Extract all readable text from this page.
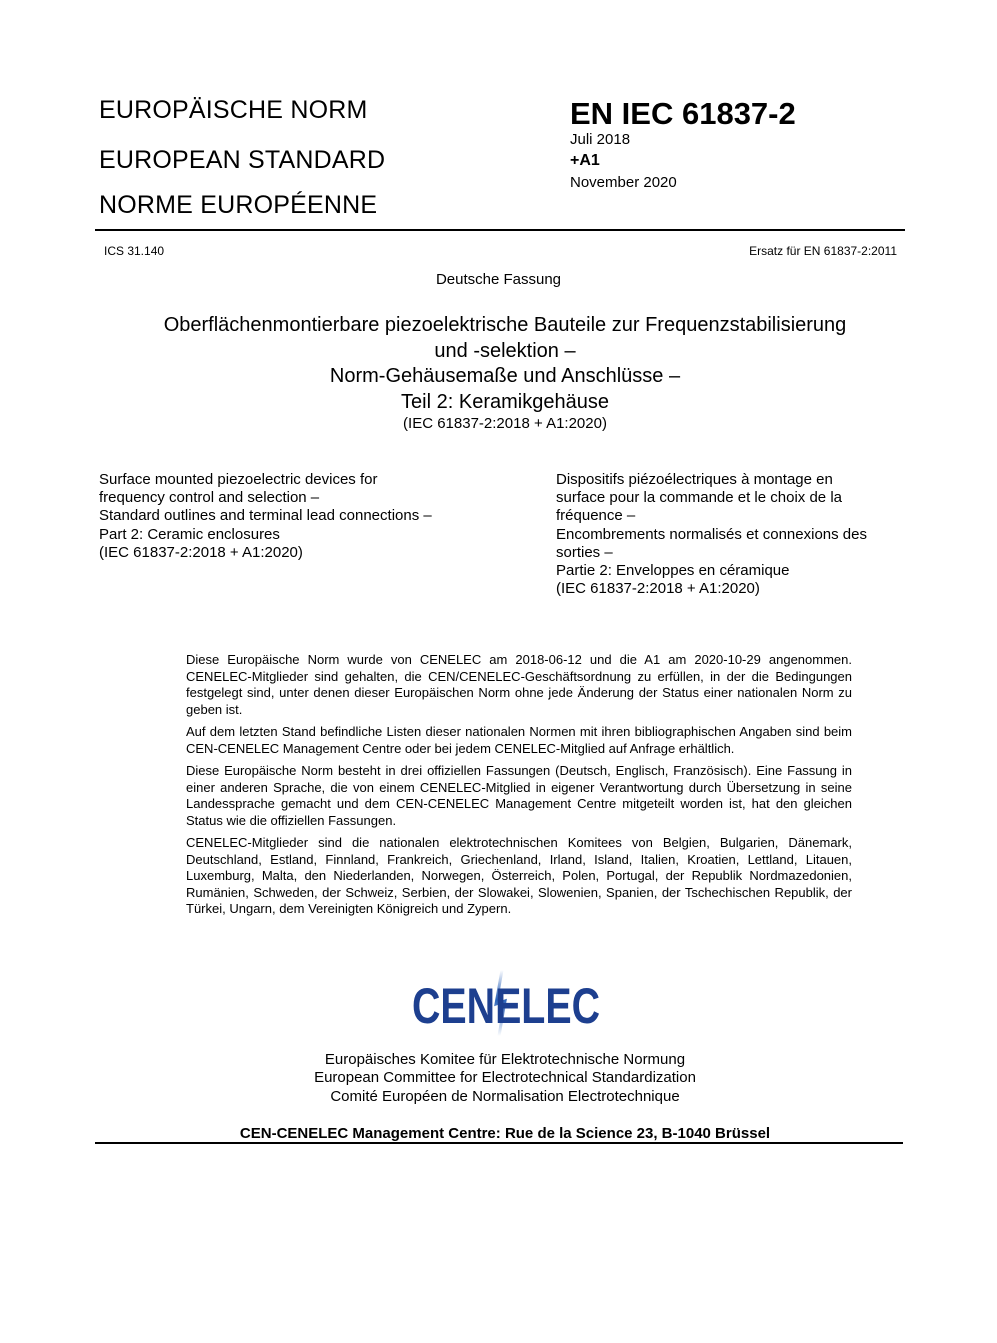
EUROPÄISCHE NORM
EUROPEAN STANDARD
NORME EUROPÉENNE
EN IEC 61837-2
Juli 2018
+A1
November 2020
ICS 31.140	Ersatz für EN 61837-2:2011
Deutsche Fassung
Oberflächenmontierbare piezoelektrische Bauteile zur Frequenzstabilisierung
und -selektion –
Norm-Gehäusemaße und Anschlüsse –
Teil 2: Keramikgehäuse
(IEC 61837-2:2018 + A1:2020)
Surface mounted piezoelectric devices for
frequency control and selection –
Standard outlines and terminal lead connections –
Part 2: Ceramic enclosures
(IEC 61837-2:2018 + A1:2020)
Dispositifs piézoélectriques à montage en
surface pour la commande et le choix de la
fréquence –
Encombrements normalisés et connexions des
sorties –
Partie 2: Enveloppes en céramique
(IEC 61837-2:2018 + A1:2020)

Diese Europäische Norm wurde von CENELEC am 2018-06-12 und die A1 am 2020-10-29 angenommen. CENELEC-Mitglieder sind gehalten, die CEN/CENELEC-Geschäftsordnung zu erfüllen, in der die Bedingungen festgelegt sind, unter denen dieser Europäischen Norm ohne jede Änderung der Status einer nationalen Norm zu geben ist.

Auf dem letzten Stand befindliche Listen dieser nationalen Normen mit ihren bibliographischen Angaben sind beim CEN-CENELEC Management Centre oder bei jedem CENELEC-Mitglied auf Anfrage erhältlich.

Diese Europäische Norm besteht in drei offiziellen Fassungen (Deutsch, Englisch, Französisch). Eine Fassung in einer anderen Sprache, die von einem CENELEC-Mitglied in eigener Verantwortung durch Übersetzung in seine Landessprache gemacht und dem CEN-CENELEC Management Centre mitgeteilt worden ist, hat den gleichen Status wie die offiziellen Fassungen.

CENELEC-Mitglieder sind die nationalen elektrotechnischen Komitees von Belgien, Bulgarien, Dänemark, Deutschland, Estland, Finnland, Frankreich, Griechenland, Irland, Island, Italien, Kroatien, Lettland, Litauen, Luxemburg, Malta, den Niederlanden, Norwegen, Österreich, Polen, Portugal, der Republik Nordmazedonien, Rumänien, Schweden, der Schweiz, Serbien, der Slowakei, Slowenien, Spanien, der Tschechischen Republik, der Türkei, Ungarn, dem Vereinigten Königreich und Zypern.

CENELEC
Europäisches Komitee für Elektrotechnische Normung
European Committee for Electrotechnical Standardization
Comité Européen de Normalisation Electrotechnique
CEN-CENELEC Management Centre: Rue de la Science 23, B-1040 Brüssel
